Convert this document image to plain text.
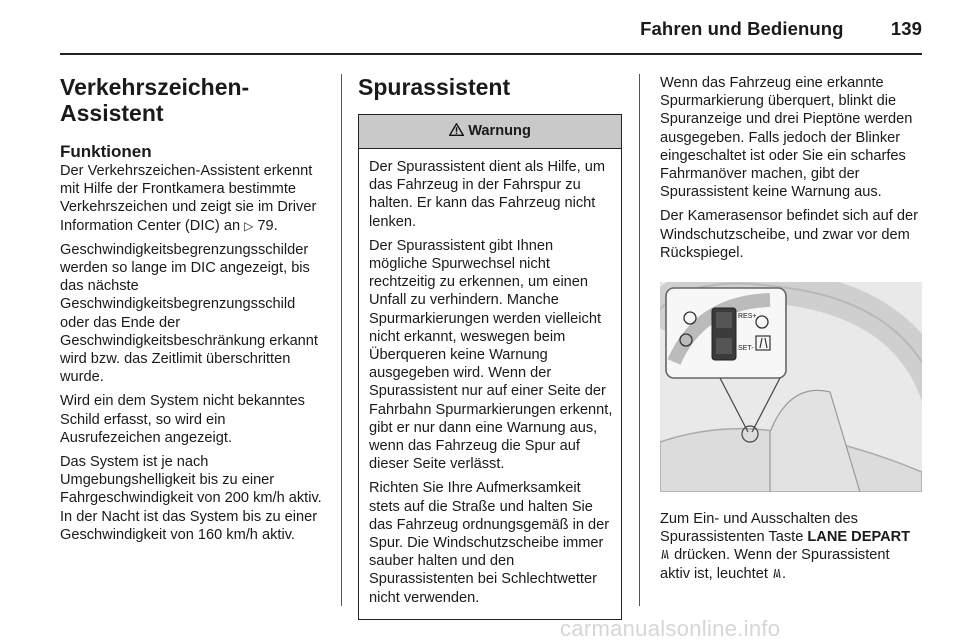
Fahren und Bedienung	139
Verkehrszeichen-
Assistent
Funktionen

Der Verkehrszeichen-Assistent erkennt mit Hilfe der Frontkamera bestimmte Verkehrszeichen und zeigt sie im Driver Information Center (DIC) an ▷ 79.

Geschwindigkeitsbegrenzungsschilder werden so lange im DIC angezeigt, bis das nächste Geschwindigkeitsbegrenzungsschild oder das Ende der Geschwindigkeitsbeschränkung erkannt wird bzw. das Zeitlimit überschritten wurde.

Wird ein dem System nicht bekanntes Schild erfasst, so wird ein Ausrufezeichen angezeigt.

Das System ist je nach Umgebungshelligkeit bis zu einer Fahrgeschwindigkeit von 200 km/h aktiv. In der Nacht ist das System bis zu einer Geschwindigkeit von 160 km/h aktiv.

Spurassistent
Warnung

Der Spurassistent dient als Hilfe, um das Fahrzeug in der Fahrspur zu halten. Er kann das Fahrzeug nicht lenken.

Der Spurassistent gibt Ihnen mögliche Spurwechsel nicht rechtzeitig zu erkennen, um einen Unfall zu verhindern. Manche Spurmarkierungen werden vielleicht nicht erkannt, weswegen beim Überqueren keine Warnung ausgegeben wird. Wenn der Spurassistent nur auf einer Seite der Fahrbahn Spurmarkierungen erkennt, gibt er nur dann eine Warnung aus, wenn das Fahrzeug die Spur auf dieser Seite verlässt.

Richten Sie Ihre Aufmerksamkeit stets auf die Straße und halten Sie das Fahrzeug ordnungsgemäß in der Spur. Die Windschutzscheibe immer sauber halten und den Spurassistenten bei Schlechtwetter nicht verwenden.

Wenn das Fahrzeug eine erkannte Spurmarkierung überquert, blinkt die Spuranzeige und drei Pieptöne werden ausgegeben. Falls jedoch der Blinker eingeschaltet ist oder Sie ein scharfes Fahrmanöver machen, gibt der Spurassistent keine Warnung aus.

Der Kamerasensor befindet sich auf der Windschutzscheibe, und zwar vor dem Rückspiegel.

RES+
SET-

Zum Ein- und Ausschalten des Spurassistenten Taste LANE DEPART  drücken. Wenn der Spurassistent aktiv ist, leuchtet .

carmanualsonline.info
